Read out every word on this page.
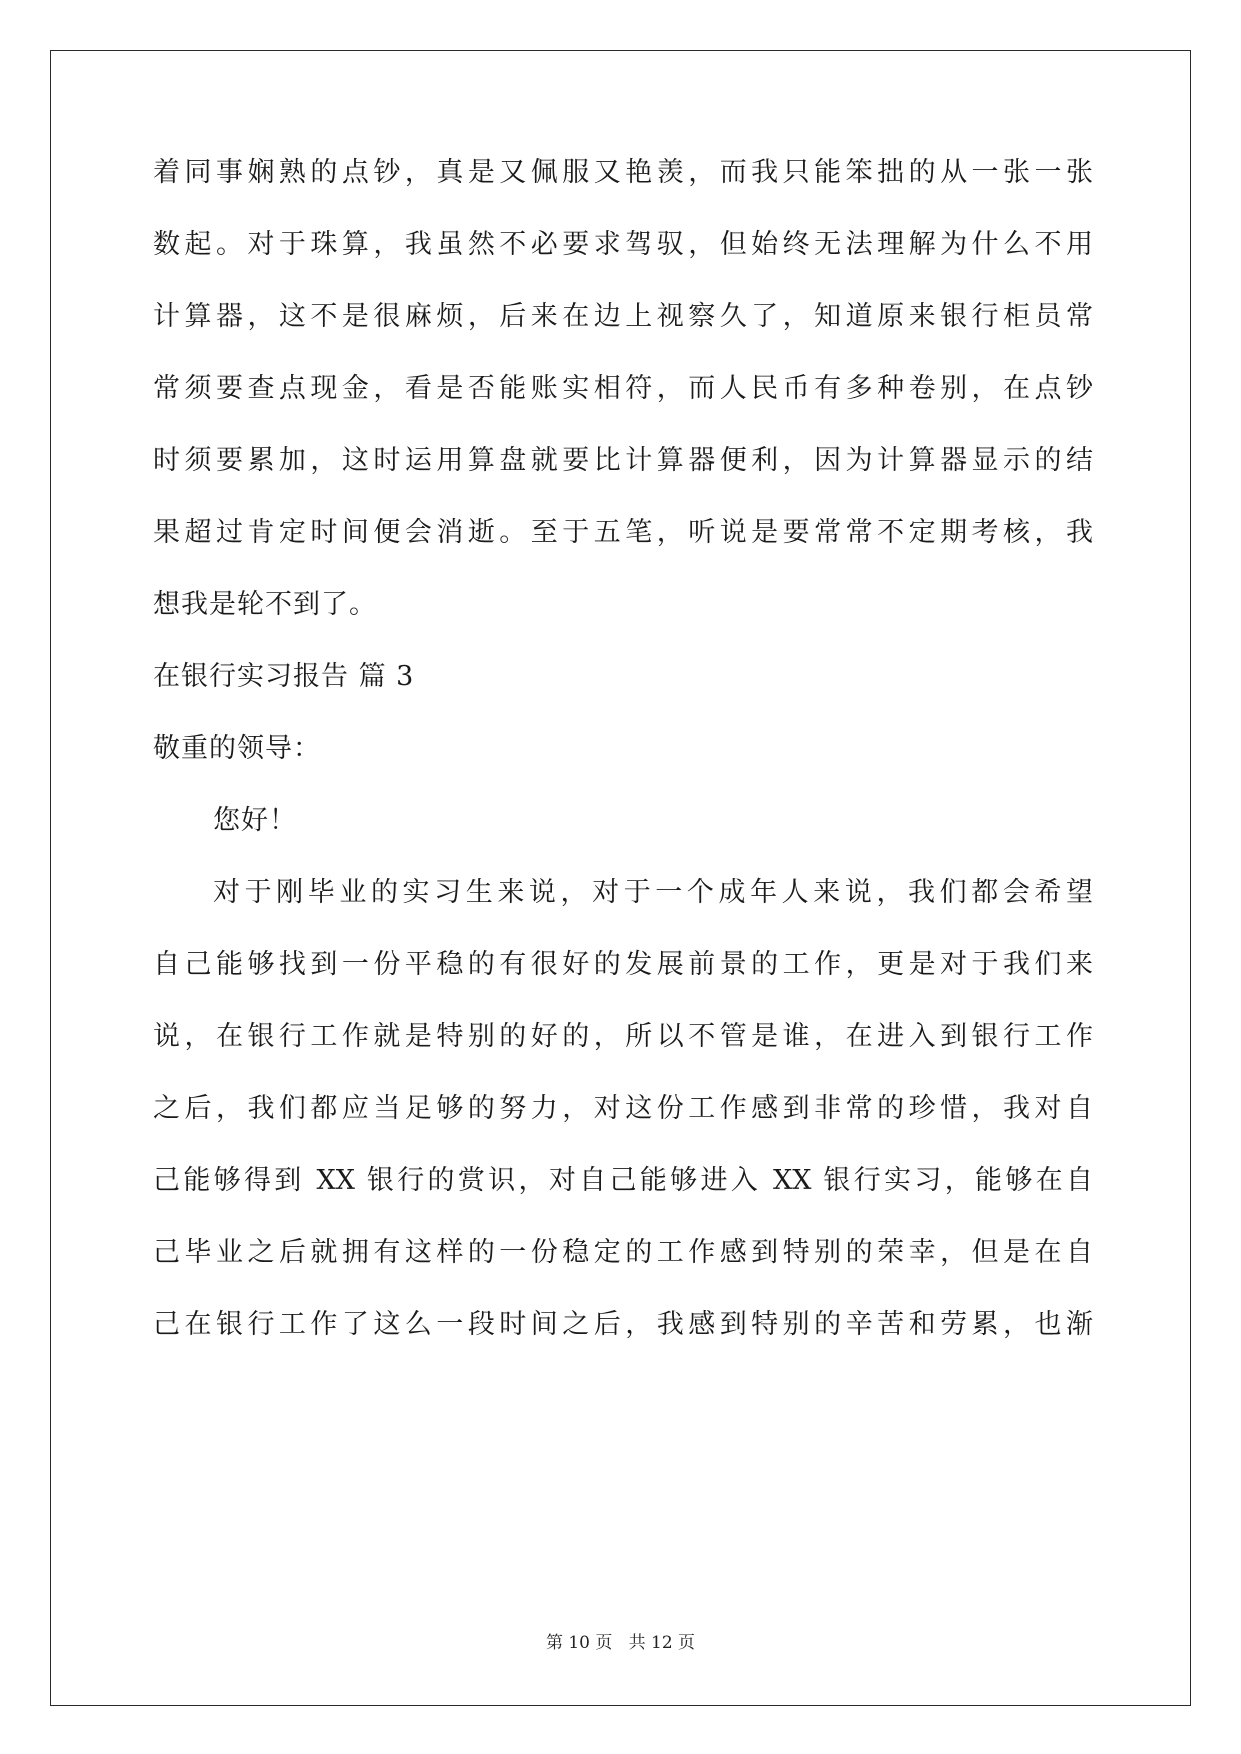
着同事娴熟的点钞，真是又佩服又艳羡，而我只能笨拙的从一张一张
数起。对于珠算，我虽然不必要求驾驭，但始终无法理解为什么不用
计算器，这不是很麻烦，后来在边上视察久了，知道原来银行柜员常
常须要查点现金，看是否能账实相符，而人民币有多种卷别，在点钞
时须要累加，这时运用算盘就要比计算器便利，因为计算器显示的结
果超过肯定时间便会消逝。至于五笔，听说是要常常不定期考核，我
想我是轮不到了。
在银行实习报告 篇 3
敬重的领导：
您好！
对于刚毕业的实习生来说，对于一个成年人来说，我们都会希望
自己能够找到一份平稳的有很好的发展前景的工作，更是对于我们来
说，在银行工作就是特别的好的，所以不管是谁，在进入到银行工作
之后，我们都应当足够的努力，对这份工作感到非常的珍惜，我对自
己能够得到 XX 银行的赏识，对自己能够进入 XX 银行实习，能够在自
己毕业之后就拥有这样的一份稳定的工作感到特别的荣幸，但是在自
己在银行工作了这么一段时间之后，我感到特别的辛苦和劳累，也渐
第 10 页   共 12 页
